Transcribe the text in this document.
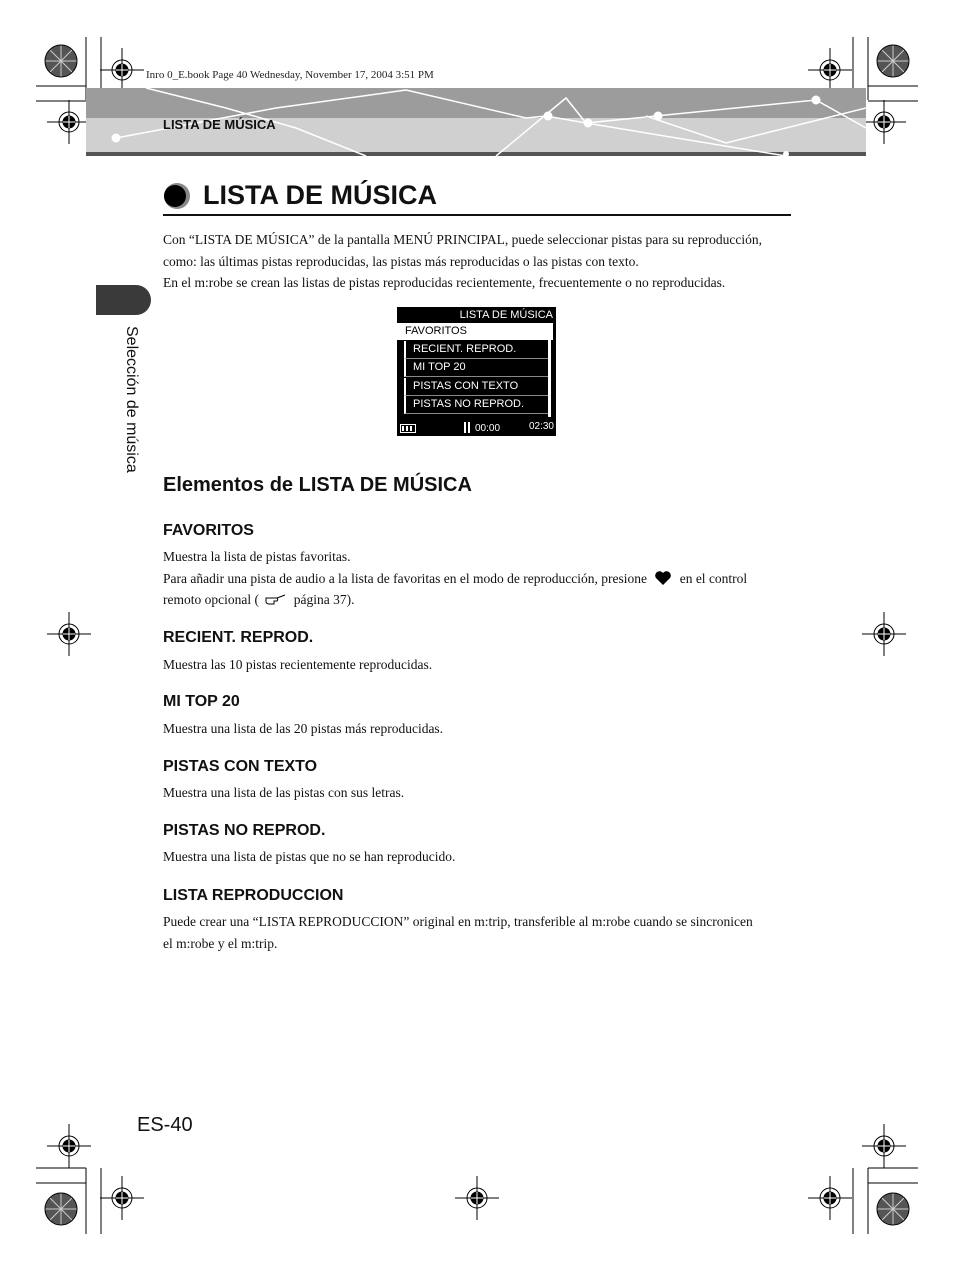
Inro 0_E.book Page 40 Wednesday, November 17, 2004 3:51 PM
LISTA DE MÚSICA
LISTA DE MÚSICA
Con “LISTA DE MÚSICA” de la pantalla MENÚ PRINCIPAL, puede seleccionar pistas para su reproducción,
como: las últimas pistas reproducidas, las pistas más reproducidas o las pistas con texto.
En el m:robe se crean las listas de pistas reproducidas recientemente, frecuentemente o no reproducidas.
LISTA DE MÚSICA
FAVORITOS
RECIENT. REPROD.
MI TOP 20
PISTAS CON TEXTO
PISTAS NO REPROD.
00:00	02:30
Elementos de LISTA DE MÚSICA
FAVORITOS
Muestra la lista de pistas favoritas.
Para añadir una pista de audio a la lista de favoritas en el modo de reproducción, presione en el control
remoto opcional (	página 37).
RECIENT. REPROD.
Muestra las 10 pistas recientemente reproducidas.
MI TOP 20
Muestra una lista de las 20 pistas más reproducidas.
PISTAS CON TEXTO
Muestra una lista de las pistas con sus letras.
PISTAS NO REPROD.
Muestra una lista de pistas que no se han reproducido.
LISTA REPRODUCCION
Puede crear una “LISTA REPRODUCCION” original en m:trip, transferible al m:robe cuando se sincronicen
el m:robe y el m:trip.
Selección de música
ES-40
